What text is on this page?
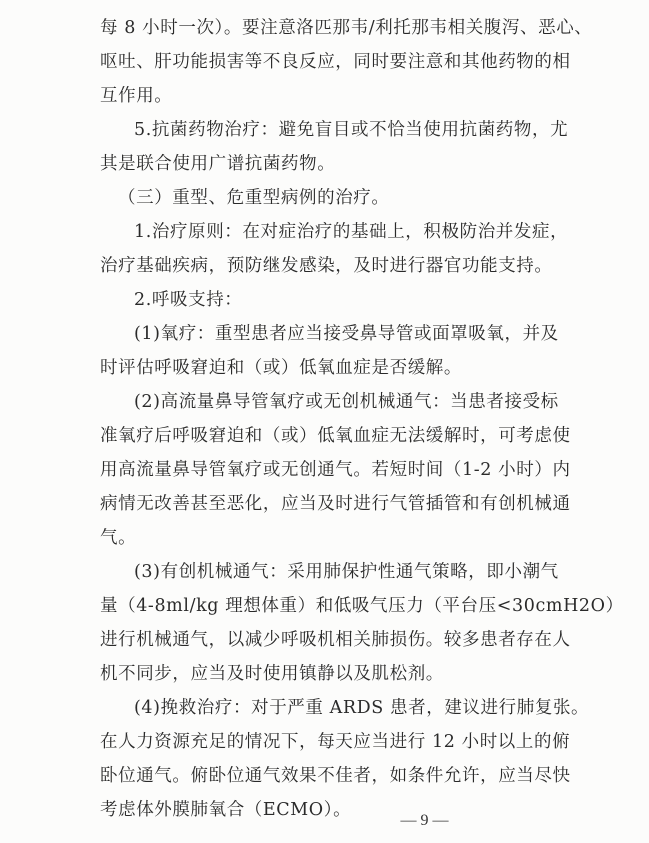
每 8 小时一次）。要注意洛匹那韦/利托那韦相关腹泻、恶心、
呕吐、肝功能损害等不良反应，同时要注意和其他药物的相
互作用。
5.抗菌药物治疗：避免盲目或不恰当使用抗菌药物，尤
其是联合使用广谱抗菌药物。
（三）重型、危重型病例的治疗。
1.治疗原则：在对症治疗的基础上，积极防治并发症，
治疗基础疾病，预防继发感染，及时进行器官功能支持。
2.呼吸支持：
(1)氧疗：重型患者应当接受鼻导管或面罩吸氧，并及
时评估呼吸窘迫和（或）低氧血症是否缓解。
(2)高流量鼻导管氧疗或无创机械通气：当患者接受标
准氧疗后呼吸窘迫和（或）低氧血症无法缓解时，可考虑使
用高流量鼻导管氧疗或无创通气。若短时间（1-2 小时）内
病情无改善甚至恶化，应当及时进行气管插管和有创机械通
气。
(3)有创机械通气：采用肺保护性通气策略，即小潮气
量（4-8ml/kg 理想体重）和低吸气压力（平台压<30cmH2O）
进行机械通气，以减少呼吸机相关肺损伤。较多患者存在人
机不同步，应当及时使用镇静以及肌松剂。
(4)挽救治疗：对于严重 ARDS 患者，建议进行肺复张。
在人力资源充足的情况下，每天应当进行 12 小时以上的俯
卧位通气。俯卧位通气效果不佳者，如条件允许，应当尽快
考虑体外膜肺氧合（ECMO）。
— 9 —
